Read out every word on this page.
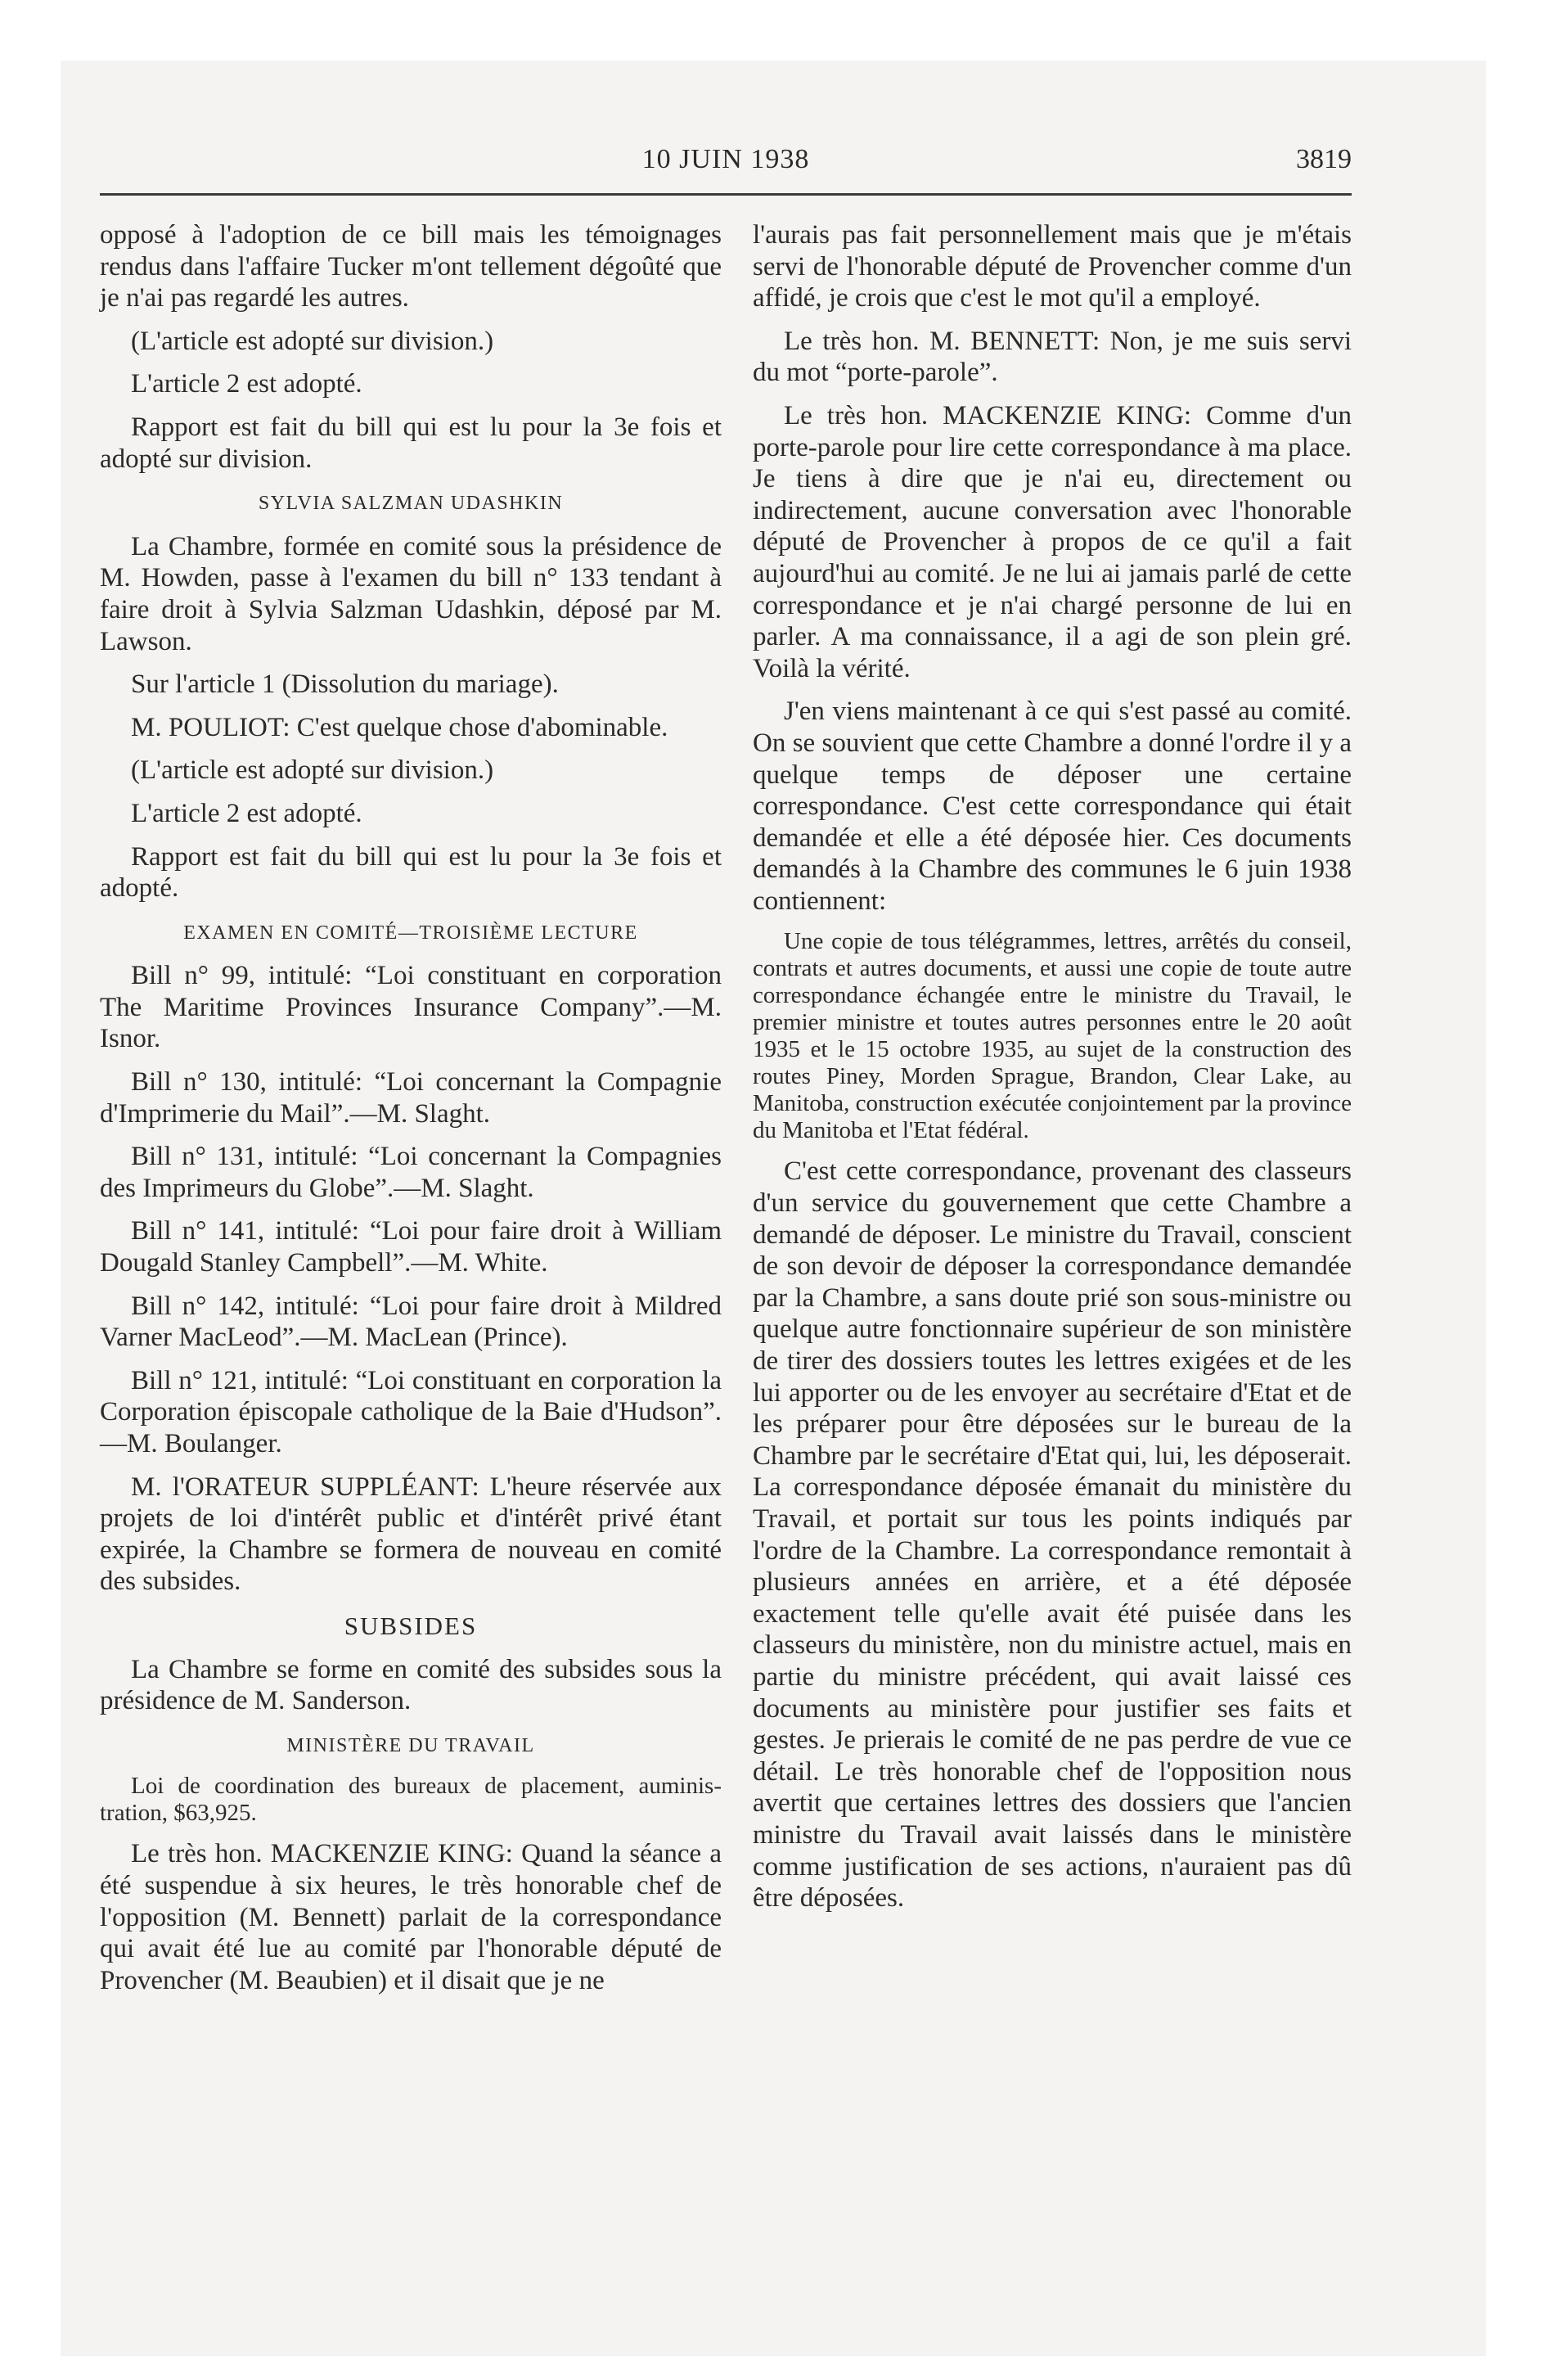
10 JUIN 1938	3819

opposé à l'adoption de ce bill mais les témoignages rendus dans l'affaire Tucker m'ont tellement dégoûté que je n'ai pas regardé les autres.

(L'article est adopté sur division.)

L'article 2 est adopté.

Rapport est fait du bill qui est lu pour la 3e fois et adopté sur division.

SYLVIA SALZMAN UDASHKIN

La Chambre, formée en comité sous la présidence de M. Howden, passe à l'examen du bill n° 133 tendant à faire droit à Sylvia Salzman Udashkin, déposé par M. Lawson.

Sur l'article 1 (Dissolution du mariage).

M. POULIOT: C'est quelque chose d'abominable.

(L'article est adopté sur division.)

L'article 2 est adopté.

Rapport est fait du bill qui est lu pour la 3e fois et adopté.

EXAMEN EN COMITÉ—TROISIÈME LECTURE

Bill n° 99, intitulé: “Loi constituant en corporation The Maritime Provinces Insurance Company”.—M. Isnor.

Bill n° 130, intitulé: “Loi concernant la Compagnie d'Imprimerie du Mail”.—M. Slaght.

Bill n° 131, intitulé: “Loi concernant la Compagnies des Imprimeurs du Globe”.—M. Slaght.

Bill n° 141, intitulé: “Loi pour faire droit à William Dougald Stanley Campbell”.—M. White.

Bill n° 142, intitulé: “Loi pour faire droit à Mildred Varner MacLeod”.—M. MacLean (Prince).

Bill n° 121, intitulé: “Loi constituant en corporation la Corporation épiscopale catholique de la Baie d'Hudson”.—M. Boulanger.

M. l'ORATEUR SUPPLÉANT: L'heure réservée aux projets de loi d'intérêt public et d'intérêt privé étant expirée, la Chambre se formera de nouveau en comité des subsides.

SUBSIDES

La Chambre se forme en comité des subsides sous la présidence de M. Sanderson.

MINISTÈRE DU TRAVAIL

Loi de coordination des bureaux de placement, auministration, $63,925.

Le très hon. MACKENZIE KING: Quand la séance a été suspendue à six heures, le très honorable chef de l'opposition (M. Bennett) parlait de la correspondance qui avait été lue au comité par l'honorable député de Provencher (M. Beaubien) et il disait que je ne

l'aurais pas fait personnellement mais que je m'étais servi de l'honorable député de Provencher comme d'un affidé, je crois que c'est le mot qu'il a employé.

Le très hon. M. BENNETT: Non, je me suis servi du mot “porte-parole”.

Le très hon. MACKENZIE KING: Comme d'un porte-parole pour lire cette correspondance à ma place. Je tiens à dire que je n'ai eu, directement ou indirectement, aucune conversation avec l'honorable député de Provencher à propos de ce qu'il a fait aujourd'hui au comité. Je ne lui ai jamais parlé de cette correspondance et je n'ai chargé personne de lui en parler. A ma connaissance, il a agi de son plein gré. Voilà la vérité.

J'en viens maintenant à ce qui s'est passé au comité. On se souvient que cette Chambre a donné l'ordre il y a quelque temps de déposer une certaine correspondance. C'est cette correspondance qui était demandée et elle a été déposée hier. Ces documents demandés à la Chambre des communes le 6 juin 1938 contiennent:

Une copie de tous télégrammes, lettres, arrêtés du conseil, contrats et autres documents, et aussi une copie de toute autre correspondance échangée entre le ministre du Travail, le premier ministre et toutes autres personnes entre le 20 août 1935 et le 15 octobre 1935, au sujet de la construction des routes Piney, Morden Sprague, Brandon, Clear Lake, au Manitoba, construction exécutée conjointement par la province du Manitoba et l'Etat fédéral.

C'est cette correspondance, provenant des classeurs d'un service du gouvernement que cette Chambre a demandé de déposer. Le ministre du Travail, conscient de son devoir de déposer la correspondance demandée par la Chambre, a sans doute prié son sous-ministre ou quelque autre fonctionnaire supérieur de son ministère de tirer des dossiers toutes les lettres exigées et de les lui apporter ou de les envoyer au secrétaire d'Etat et de les préparer pour être déposées sur le bureau de la Chambre par le secrétaire d'Etat qui, lui, les déposerait. La correspondance déposée émanait du ministère du Travail, et portait sur tous les points indiqués par l'ordre de la Chambre. La correspondance remontait à plusieurs années en arrière, et a été déposée exactement telle qu'elle avait été puisée dans les classeurs du ministère, non du ministre actuel, mais en partie du ministre précédent, qui avait laissé ces documents au ministère pour justifier ses faits et gestes. Je prierais le comité de ne pas perdre de vue ce détail. Le très honorable chef de l'opposition nous avertit que certaines lettres des dossiers que l'ancien ministre du Travail avait laissés dans le ministère comme justification de ses actions, n'auraient pas dû être déposées.
